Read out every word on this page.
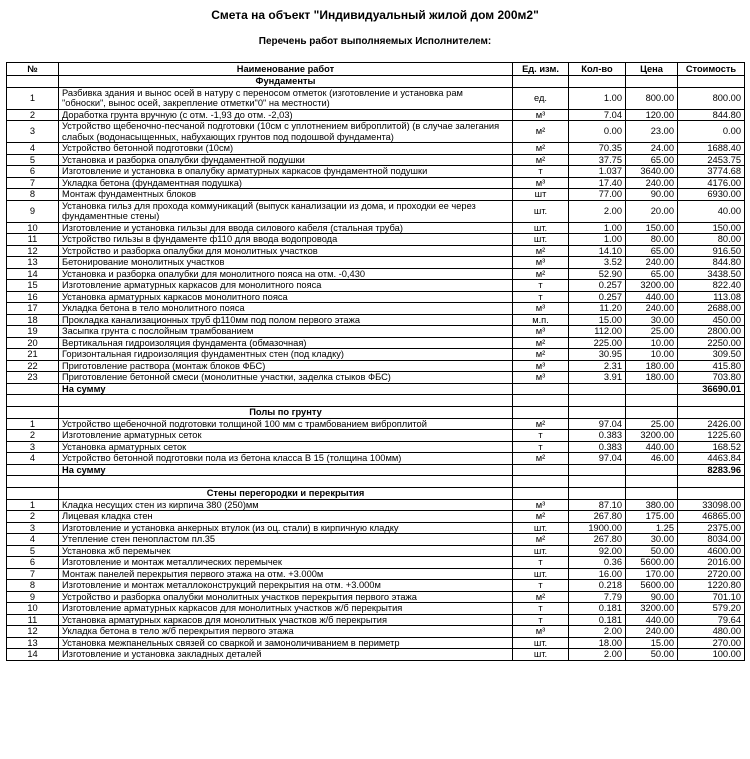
Смета на объект "Индивидуальный жилой дом 200м2"
Перечень работ выполняемых Исполнителем:
№	Наименование работ	Ед. изм.	Кол-во	Цена	Стоимость
	Фундаменты				
1	Разбивка здания и вынос осей в натуру с переносом отметок (изготовление и установка рам "обноски", вынос осей, закрепление отметки"0" на местности)	ед.	1.00	800.00	800.00
2	Доработка грунта вручную (с отм. -1,93 до отм. -2,03)	м³	7.04	120.00	844.80
3	Устройство щебеночно-песчаной подготовки (10см с уплотнением виброплитой) (в случае залегания слабых (водонасыщенных, набухающих грунтов под подошвой фундамента)	м²	0.00	23.00	0.00
4	Устройство бетонной подготовки (10см)	м²	70.35	24.00	1688.40
5	Установка и разборка опалубки фундаментной подушки	м²	37.75	65.00	2453.75
6	Изготовление и установка в опалубку арматурных каркасов фундаментной подушки	т	1.037	3640.00	3774.68
7	Укладка бетона (фундаментная подушка)	м³	17.40	240.00	4176.00
8	Монтаж фундаментных блоков	шт	77.00	90.00	6930.00
9	Установка гильз для прохода коммуникаций (выпуск канализации из дома, и проходки ее через фундаментные стены)	шт.	2.00	20.00	40.00
10	Изготовление и установка гильзы для ввода силового кабеля (стальная труба)	шт.	1.00	150.00	150.00
11	Устройство гильзы в фундаменте ф110 для ввода водопровода	шт.	1.00	80.00	80.00
12	Устройство и разборка опалубки для монолитных участков	м²	14.10	65.00	916.50
13	Бетонирование монолитных участков	м³	3.52	240.00	844.80
14	Установка и разборка опалубки для монолитного пояса на отм. -0,430	м²	52.90	65.00	3438.50
15	Изготовление арматурных каркасов для монолитного пояса	т	0.257	3200.00	822.40
16	Установка арматурных каркасов монолитного пояса	т	0.257	440.00	113.08
17	Укладка бетона в тело монолитного пояса	м³	11.20	240.00	2688.00
18	Прокладка канализационных труб ф110мм под полом первого этажа	м.п.	15.00	30.00	450.00
19	Засыпка грунта с послойным трамбованием	м³	112.00	25.00	2800.00
20	Вертикальная гидроизоляция фундамента (обмазочная)	м²	225.00	10.00	2250.00
21	Горизонтальная гидроизоляция фундаментных стен (под кладку)	м²	30.95	10.00	309.50
22	Приготовление раствора (монтаж блоков ФБС)	м³	2.31	180.00	415.80
23	Приготовление бетонной смеси (монолитные участки, заделка стыков ФБС)	м³	3.91	180.00	703.80
	На сумму				36690.01

	Полы по грунту				
1	Устройство щебеночной подготовки толщиной 100 мм с трамбованием виброплитой	м²	97.04	25.00	2426.00
2	Изготовление арматурных сеток	т	0.383	3200.00	1225.60
3	Установка арматурных сеток	т	0.383	440.00	168.52
4	Устройство бетонной подготовки пола из бетона класса В 15 (толщина 100мм)	м²	97.04	46.00	4463.84
	На сумму				8283.96

	Стены перегородки и перекрытия				
1	Кладка несущих стен из кирпича 380 (250)мм	м³	87.10	380.00	33098.00
2	Лицевая кладка стен	м²	267.80	175.00	46865.00
3	Изготовление и установка анкерных втулок (из оц. стали) в кирпичную кладку	шт.	1900.00	1.25	2375.00
4	Утепление стен пенопластом пл.35	м²	267.80	30.00	8034.00
5	Установка жб перемычек	шт.	92.00	50.00	4600.00
6	Изготовление и монтаж металлических перемычек	т	0.36	5600.00	2016.00
7	Монтаж панелей перекрытия первого этажа на отм. +3.000м	шт.	16.00	170.00	2720.00
8	Изготовление и монтаж металлоконструкций перекрытия на отм. +3.000м	т	0.218	5600.00	1220.80
9	Устройство и разборка опалубки монолитных участков перекрытия первого этажа	м²	7.79	90.00	701.10
10	Изготовление арматурных каркасов для монолитных участков ж/б перекрытия	т	0.181	3200.00	579.20
11	Установка арматурных каркасов для монолитных участков ж/б перекрытия	т	0.181	440.00	79.64
12	Укладка бетона в тело ж/б перекрытия первого этажа	м³	2.00	240.00	480.00
13	Установка межпанельных связей со сваркой и замоноличиванием в периметр	шт.	18.00	15.00	270.00
14	Изготовление и установка закладных деталей	шт.	2.00	50.00	100.00
